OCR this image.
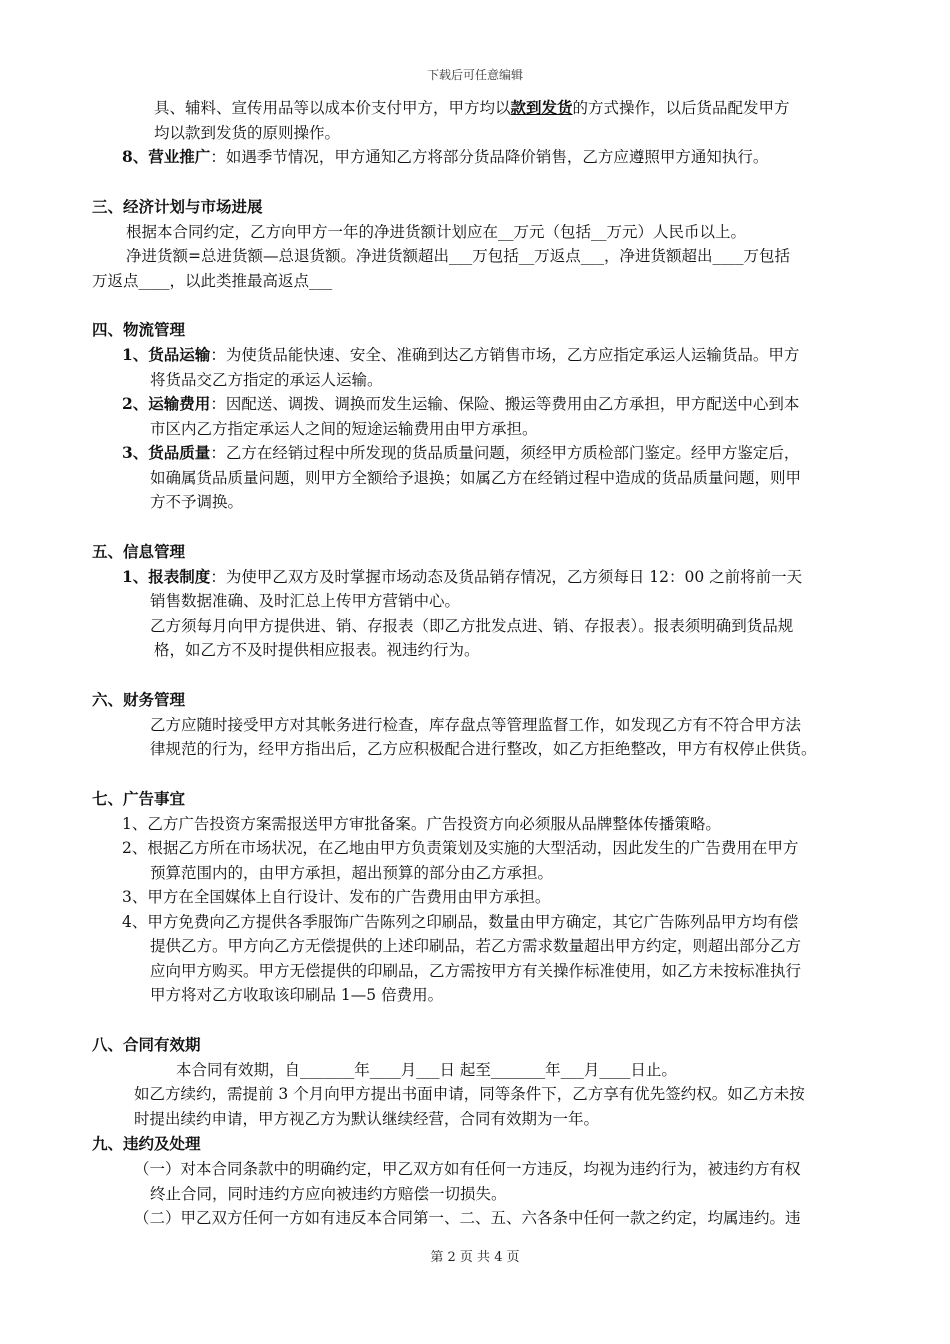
下载后可任意编辑
具、辅料、宣传用品等以成本价支付甲方，甲方均以款到发货的方式操作，以后货品配发甲方
均以款到发货的原则操作。
8、营业推广：如遇季节情况，甲方通知乙方将部分货品降价销售，乙方应遵照甲方通知执行。
三、经济计划与市场进展
根据本合同约定，乙方向甲方一年的净进货额计划应在__万元（包括__万元）人民币以上。
净进货额=总进货额—总退货额。净进货额超出___万包括__万返点___，净进货额超出____万包括
万返点____，以此类推最高返点___
四、物流管理
1、货品运输：为使货品能快速、安全、准确到达乙方销售市场，乙方应指定承运人运输货品。甲方
将货品交乙方指定的承运人运输。
2、运输费用：因配送、调拨、调换而发生运输、保险、搬运等费用由乙方承担，甲方配送中心到本
市区内乙方指定承运人之间的短途运输费用由甲方承担。
3、货品质量：乙方在经销过程中所发现的货品质量问题，须经甲方质检部门鉴定。经甲方鉴定后，
如确属货品质量问题，则甲方全额给予退换；如属乙方在经销过程中造成的货品质量问题，则甲
方不予调换。
五、信息管理
1、报表制度：为使甲乙双方及时掌握市场动态及货品销存情况，乙方须每日 12：00 之前将前一天
销售数据准确、及时汇总上传甲方营销中心。
乙方须每月向甲方提供进、销、存报表（即乙方批发点进、销、存报表）。报表须明确到货品规
格，如乙方不及时提供相应报表。视违约行为。
六、财务管理
乙方应随时接受甲方对其帐务进行检查，库存盘点等管理监督工作，如发现乙方有不符合甲方法
律规范的行为，经甲方指出后，乙方应积极配合进行整改，如乙方拒绝整改，甲方有权停止供货。
七、广告事宜
1、乙方广告投资方案需报送甲方审批备案。广告投资方向必须服从品牌整体传播策略。
2、根据乙方所在市场状况，在乙地由甲方负责策划及实施的大型活动，因此发生的广告费用在甲方
预算范围内的，由甲方承担，超出预算的部分由乙方承担。
3、甲方在全国媒体上自行设计、发布的广告费用由甲方承担。
4、甲方免费向乙方提供各季服饰广告陈列之印刷品，数量由甲方确定，其它广告陈列品甲方均有偿
提供乙方。甲方向乙方无偿提供的上述印刷品，若乙方需求数量超出甲方约定，则超出部分乙方
应向甲方购买。甲方无偿提供的印刷品，乙方需按甲方有关操作标准使用，如乙方未按标准执行
甲方将对乙方收取该印刷品 1—5 倍费用。
八、合同有效期
本合同有效期，自_______年____月___日 起至_______年___月____日止。
如乙方续约，需提前 3 个月向甲方提出书面申请，同等条件下，乙方享有优先签约权。如乙方未按
时提出续约申请，甲方视乙方为默认继续经营，合同有效期为一年。
九、违约及处理
（一）对本合同条款中的明确约定，甲乙双方如有任何一方违反，均视为违约行为，被违约方有权
终止合同，同时违约方应向被违约方赔偿一切损失。
（二）甲乙双方任何一方如有违反本合同第一、二、五、六各条中任何一款之约定，均属违约。违
第 2 页 共 4 页
